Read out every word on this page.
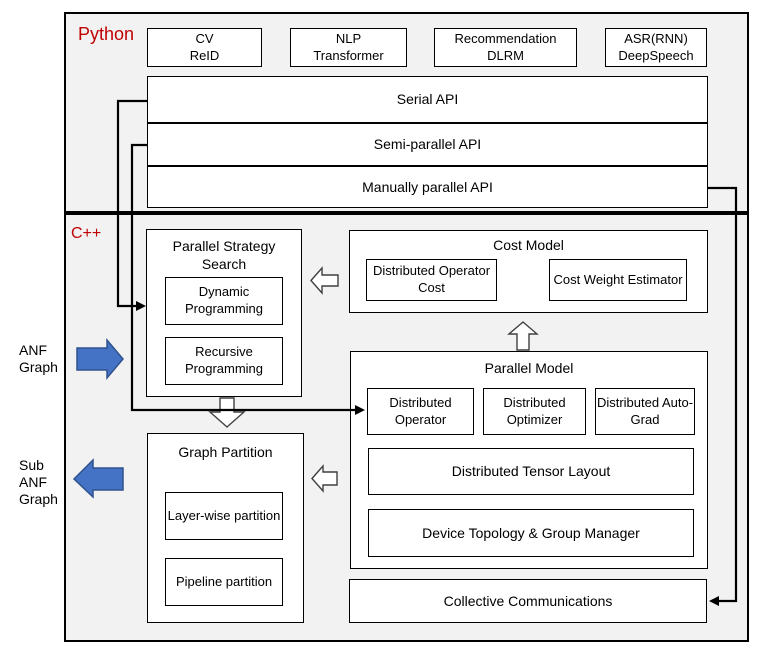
Python
C++
CV
ReID
NLP
Transformer
Recommendation
DLRM
ASR(RNN)
DeepSpeech
Serial API
Semi-parallel API
Manually parallel API
Parallel Strategy Search
Dynamic Programming
Recursive Programming
Cost Model
Distributed Operator Cost
Cost Weight Estimator
Parallel Model
Distributed Operator
Distributed Optimizer
Distributed Auto-Grad
Distributed Tensor Layout
Device Topology & Group Manager
Graph Partition
Layer-wise partition
Pipeline partition
Collective Communications
ANF Graph
Sub ANF Graph
